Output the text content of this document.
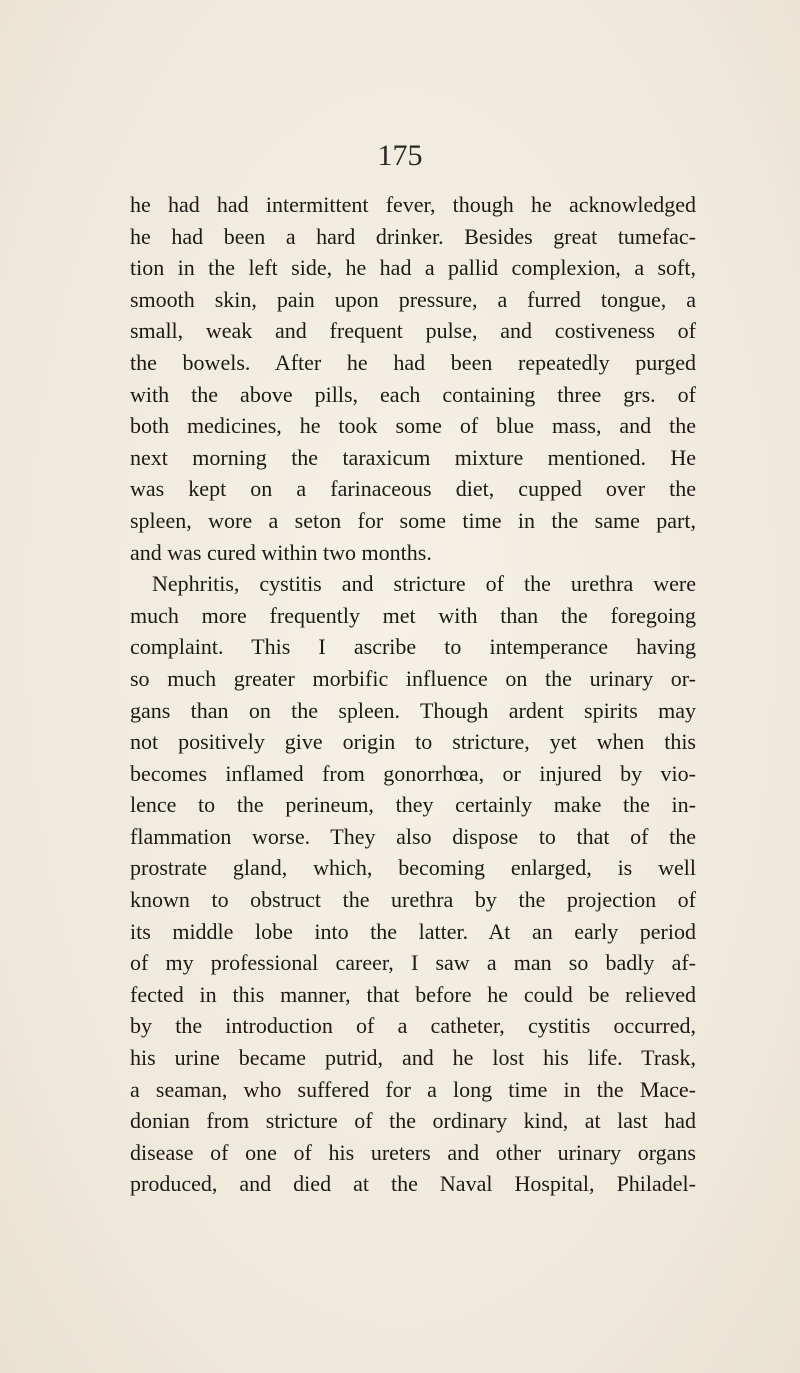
175
he had had intermittent fever, though he acknowledged
he had been a hard drinker. Besides great tumefac-
tion in the left side, he had a pallid complexion, a soft,
smooth skin, pain upon pressure, a furred tongue, a
small, weak and frequent pulse, and costiveness of
the bowels. After he had been repeatedly purged
with the above pills, each containing three grs. of
both medicines, he took some of blue mass, and the
next morning the taraxicum mixture mentioned. He
was kept on a farinaceous diet, cupped over the
spleen, wore a seton for some time in the same part,
and was cured within two months.
Nephritis, cystitis and stricture of the urethra were
much more frequently met with than the foregoing
complaint. This I ascribe to intemperance having
so much greater morbific influence on the urinary or-
gans than on the spleen. Though ardent spirits may
not positively give origin to stricture, yet when this
becomes inflamed from gonorrhœa, or injured by vio-
lence to the perineum, they certainly make the in-
flammation worse. They also dispose to that of the
prostrate gland, which, becoming enlarged, is well
known to obstruct the urethra by the projection of
its middle lobe into the latter. At an early period
of my professional career, I saw a man so badly af-
fected in this manner, that before he could be relieved
by the introduction of a catheter, cystitis occurred,
his urine became putrid, and he lost his life. Trask,
a seaman, who suffered for a long time in the Mace-
donian from stricture of the ordinary kind, at last had
disease of one of his ureters and other urinary organs
produced, and died at the Naval Hospital, Philadel-
